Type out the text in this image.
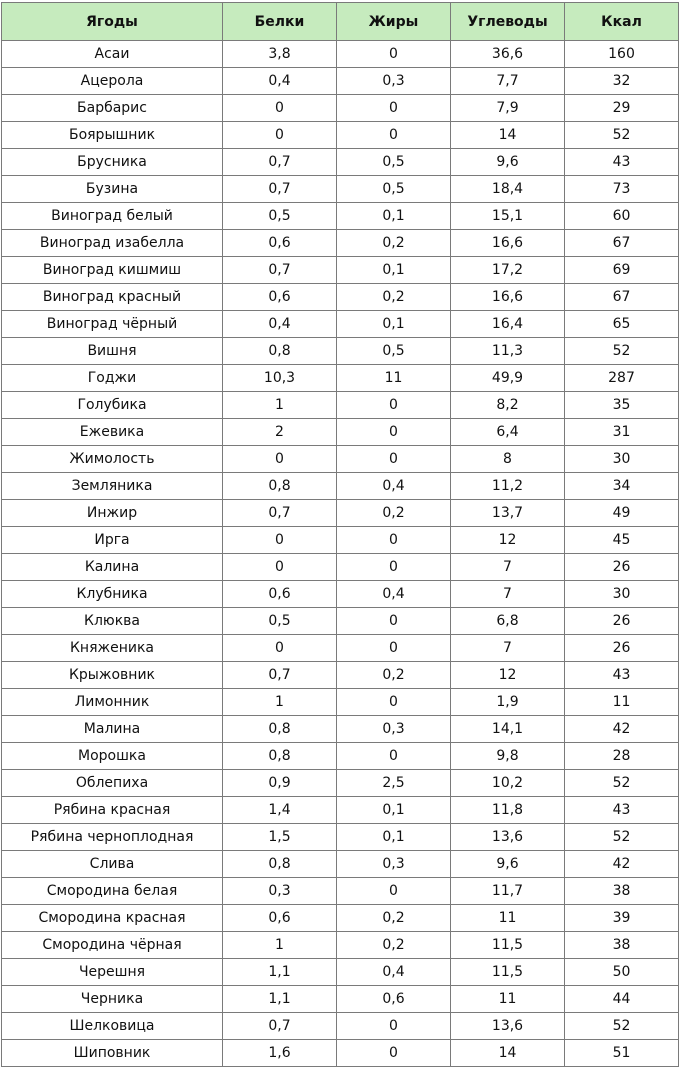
Ягоды	Белки	Жиры	Углеводы	Ккал
Асаи	3,8	0	36,6	160
Ацерола	0,4	0,3	7,7	32
Барбарис	0	0	7,9	29
Боярышник	0	0	14	52
Брусника	0,7	0,5	9,6	43
Бузина	0,7	0,5	18,4	73
Виноград белый	0,5	0,1	15,1	60
Виноград изабелла	0,6	0,2	16,6	67
Виноград кишмиш	0,7	0,1	17,2	69
Виноград красный	0,6	0,2	16,6	67
Виноград чёрный	0,4	0,1	16,4	65
Вишня	0,8	0,5	11,3	52
Годжи	10,3	11	49,9	287
Голубика	1	0	8,2	35
Ежевика	2	0	6,4	31
Жимолость	0	0	8	30
Земляника	0,8	0,4	11,2	34
Инжир	0,7	0,2	13,7	49
Ирга	0	0	12	45
Калина	0	0	7	26
Клубника	0,6	0,4	7	30
Клюква	0,5	0	6,8	26
Княженика	0	0	7	26
Крыжовник	0,7	0,2	12	43
Лимонник	1	0	1,9	11
Малина	0,8	0,3	14,1	42
Морошка	0,8	0	9,8	28
Облепиха	0,9	2,5	10,2	52
Рябина красная	1,4	0,1	11,8	43
Рябина черноплодная	1,5	0,1	13,6	52
Слива	0,8	0,3	9,6	42
Смородина белая	0,3	0	11,7	38
Смородина красная	0,6	0,2	11	39
Смородина чёрная	1	0,2	11,5	38
Черешня	1,1	0,4	11,5	50
Черника	1,1	0,6	11	44
Шелковица	0,7	0	13,6	52
Шиповник	1,6	0	14	51
